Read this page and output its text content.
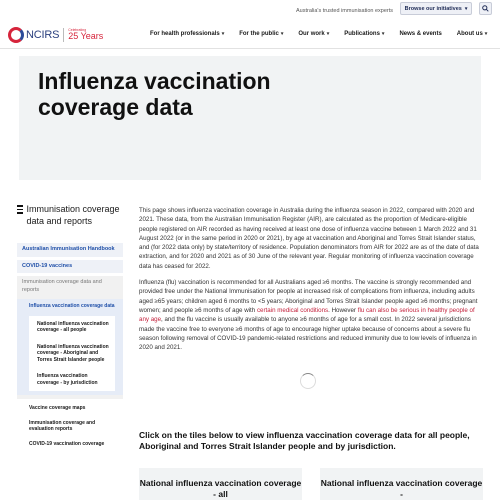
Australia's trusted immunisation experts Browse our initiatives ▾
NCIRS	Celebrating
25 Years	For health professionals ▾	For the public ▾	Our work ▾	Publications ▾	News & events	About us ▾
Influenza vaccination coverage data
Immunisation coverage data and reports
Australian Immunisation Handbook
COVID-19 vaccines
Immunisation coverage data and reports
Influenza vaccination coverage data
National influenza vaccination coverage - all people
National influenza vaccination coverage - Aboriginal and Torres Strait Islander people
Influenza vaccination coverage - by jurisdiction
Vaccine coverage maps
Immunisation coverage and evaluation reports
COVID-19 vaccination coverage

This page shows influenza vaccination coverage in Australia during the influenza season in 2022, compared with 2020 and 2021. These data, from the Australian Immunisation Register (AIR), are calculated as the proportion of Medicare-eligible people registered on AIR recorded as having received at least one dose of influenza vaccine between 1 March 2022 and 31 August 2022 (or in the same period in 2020 or 2021), by age at vaccination and Aboriginal and Torres Strait Islander status, and (for 2022 data only) by state/territory of residence. Population denominators from AIR for 2022 are as of the date of data extraction, and for 2020 and 2021 as of 30 June of the relevant year. Regular monitoring of influenza vaccination coverage data has ceased for 2022.

Influenza (flu) vaccination is recommended for all Australians aged ≥6 months. The vaccine is strongly recommended and provided free under the National Immunisation for people at increased risk of complications from influenza, including adults aged ≥65 years; children aged 6 months to <5 years; Aboriginal and Torres Strait Islander people aged ≥6 months; pregnant women; and people ≥6 months of age with certain medical conditions. However flu can also be serious in healthy people of any age, and the flu vaccine is usually available to anyone ≥6 months of age for a small cost. In 2022 several jurisdictions made the vaccine free to everyone ≥6 months of age to encourage higher uptake because of concerns about a severe flu season following removal of COVID-19 pandemic-related restrictions and reduced immunity due to low levels of influenza in 2020 and 2021.

Click on the tiles below to view influenza vaccination coverage data for all people, Aboriginal and Torres Strait Islander people and by jurisdiction.
National influenza vaccination coverage - all
National influenza vaccination coverage -
